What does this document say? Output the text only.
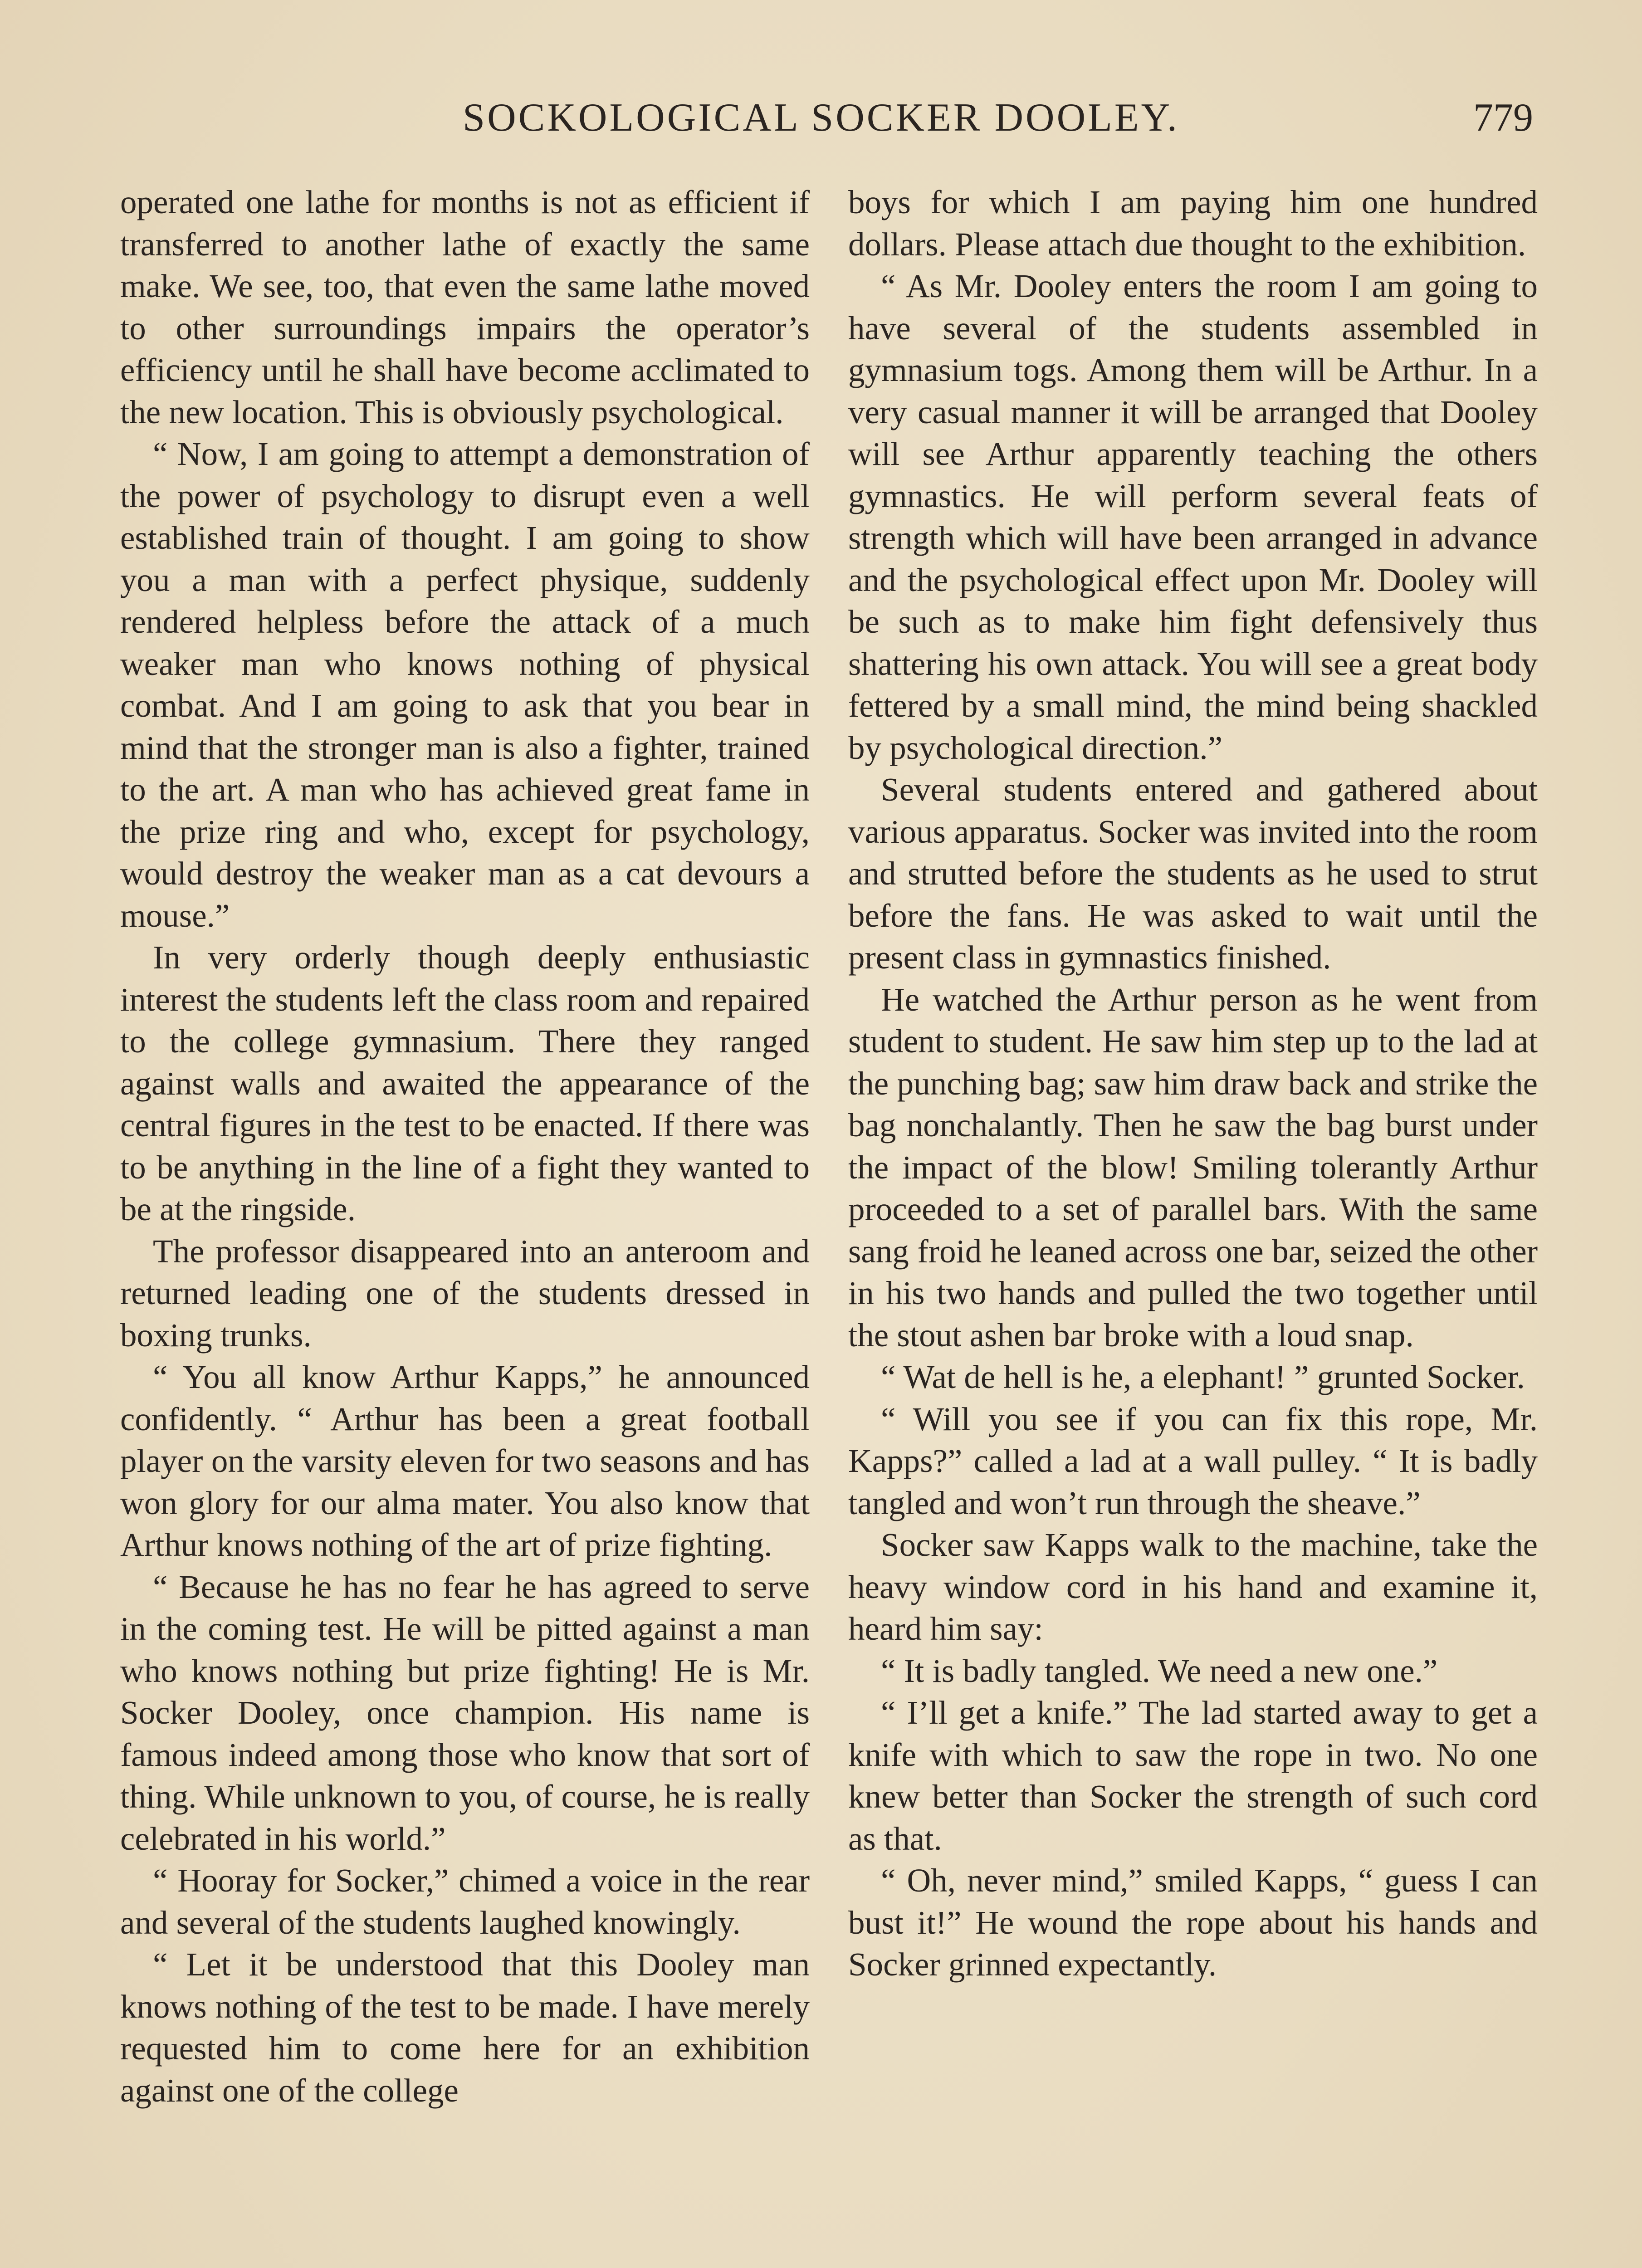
SOCKOLOGICAL SOCKER DOOLEY.	779

operated one lathe for months is not as efficient if transferred to another lathe of exactly the same make. We see, too, that even the same lathe moved to other surroundings impairs the operator’s efficiency until he shall have become acclimated to the new location. This is obviously psychological.

“ Now, I am going to attempt a demonstration of the power of psychology to disrupt even a well established train of thought. I am going to show you a man with a perfect physique, suddenly rendered helpless before the attack of a much weaker man who knows nothing of physical combat. And I am going to ask that you bear in mind that the stronger man is also a fighter, trained to the art. A man who has achieved great fame in the prize ring and who, except for psychology, would destroy the weaker man as a cat devours a mouse.”

In very orderly though deeply enthusiastic interest the students left the class room and repaired to the college gymnasium. There they ranged against walls and awaited the appearance of the central figures in the test to be enacted. If there was to be anything in the line of a fight they wanted to be at the ringside.

The professor disappeared into an anteroom and returned leading one of the students dressed in boxing trunks.

“ You all know Arthur Kapps,” he announced confidently. “ Arthur has been a great football player on the varsity eleven for two seasons and has won glory for our alma mater. You also know that Arthur knows nothing of the art of prize fighting.

“ Because he has no fear he has agreed to serve in the coming test. He will be pitted against a man who knows nothing but prize fighting! He is Mr. Socker Dooley, once champion. His name is famous indeed among those who know that sort of thing. While unknown to you, of course, he is really celebrated in his world.”

“ Hooray for Socker,” chimed a voice in the rear and several of the students laughed knowingly.

“ Let it be understood that this Dooley man knows nothing of the test to be made. I have merely requested him to come here for an exhibition against one of the college

boys for which I am paying him one hundred dollars. Please attach due thought to the exhibition.

“ As Mr. Dooley enters the room I am going to have several of the students assembled in gymnasium togs. Among them will be Arthur. In a very casual manner it will be arranged that Dooley will see Arthur apparently teaching the others gymnastics. He will perform several feats of strength which will have been arranged in advance and the psychological effect upon Mr. Dooley will be such as to make him fight defensively thus shattering his own attack. You will see a great body fettered by a small mind, the mind being shackled by psychological direction.”

Several students entered and gathered about various apparatus. Socker was invited into the room and strutted before the students as he used to strut before the fans. He was asked to wait until the present class in gymnastics finished.

He watched the Arthur person as he went from student to student. He saw him step up to the lad at the punching bag; saw him draw back and strike the bag nonchalantly. Then he saw the bag burst under the impact of the blow! Smiling tolerantly Arthur proceeded to a set of parallel bars. With the same sang froid he leaned across one bar, seized the other in his two hands and pulled the two together until the stout ashen bar broke with a loud snap.

“ Wat de hell is he, a elephant! ” grunted Socker.

“ Will you see if you can fix this rope, Mr. Kapps?” called a lad at a wall pulley. “ It is badly tangled and won’t run through the sheave.”

Socker saw Kapps walk to the machine, take the heavy window cord in his hand and examine it, heard him say:

“ It is badly tangled. We need a new one.”

“ I’ll get a knife.” The lad started away to get a knife with which to saw the rope in two. No one knew better than Socker the strength of such cord as that.

“ Oh, never mind,” smiled Kapps, “ guess I can bust it!” He wound the rope about his hands and Socker grinned expectantly.
